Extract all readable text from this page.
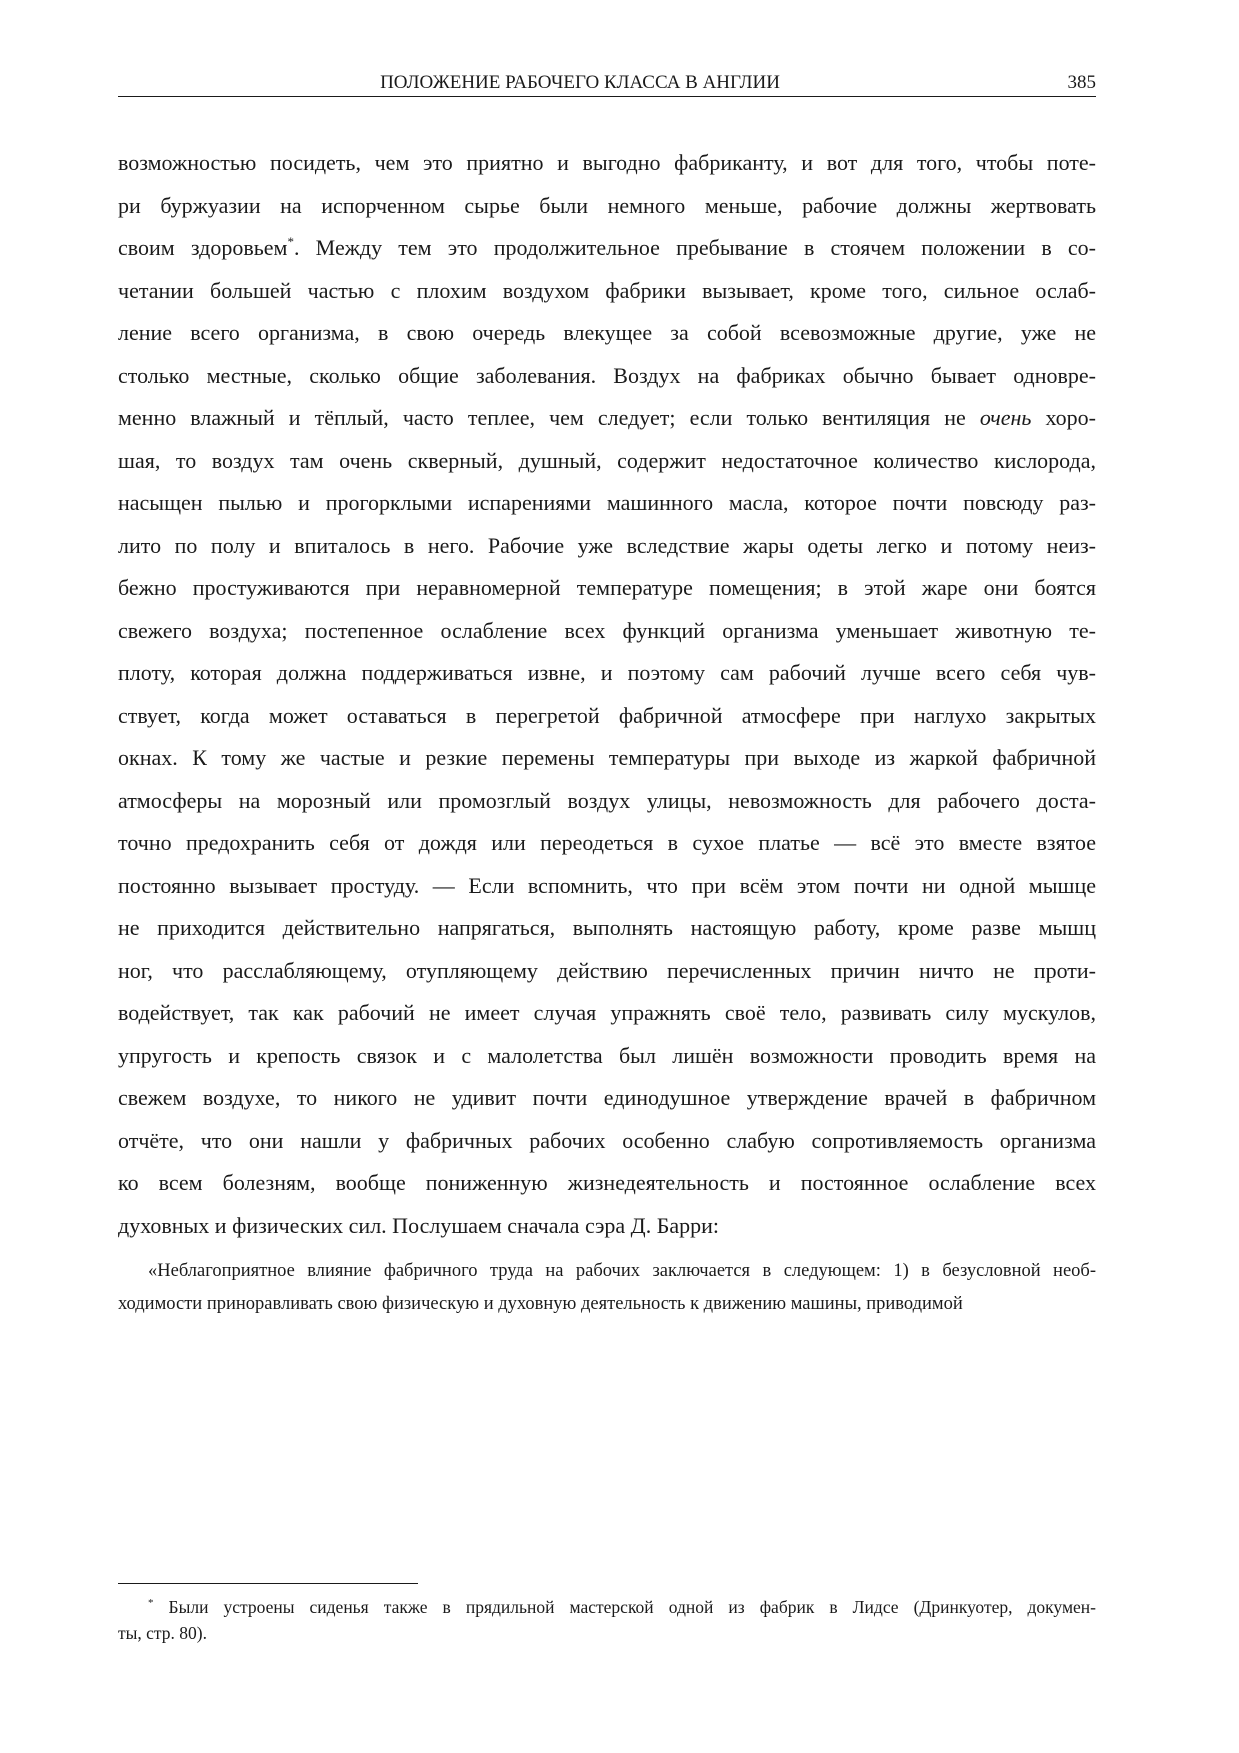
ПОЛОЖЕНИЕ РАБОЧЕГО КЛАССА В АНГЛИИ	385
возможностью посидеть, чем это приятно и выгодно фабриканту, и вот для того, чтобы поте-
ри буржуазии на испорченном сырье были немного меньше, рабочие должны жертвовать
своим здоровьем*. Между тем это продолжительное пребывание в стоячем положении в со-
четании большей частью с плохим воздухом фабрики вызывает, кроме того, сильное ослаб-
ление всего организма, в свою очередь влекущее за собой всевозможные другие, уже не
столько местные, сколько общие заболевания. Воздух на фабриках обычно бывает одновре-
менно влажный и тёплый, часто теплее, чем следует; если только вентиляция не очень хоро-
шая, то воздух там очень скверный, душный, содержит недостаточное количество кислорода,
насыщен пылью и прогорклыми испарениями машинного масла, которое почти повсюду раз-
лито по полу и впиталось в него. Рабочие уже вследствие жары одеты легко и потому неиз-
бежно простуживаются при неравномерной температуре помещения; в этой жаре они боятся
свежего воздуха; постепенное ослабление всех функций организма уменьшает животную те-
плоту, которая должна поддерживаться извне, и поэтому сам рабочий лучше всего себя чув-
ствует, когда может оставаться в перегретой фабричной атмосфере при наглухо закрытых
окнах. К тому же частые и резкие перемены температуры при выходе из жаркой фабричной
атмосферы на морозный или промозглый воздух улицы, невозможность для рабочего доста-
точно предохранить себя от дождя или переодеться в сухое платье — всё это вместе взятое
постоянно вызывает простуду. — Если вспомнить, что при всём этом почти ни одной мышце
не приходится действительно напрягаться, выполнять настоящую работу, кроме разве мышц
ног, что расслабляющему, отупляющему действию перечисленных причин ничто не проти-
водействует, так как рабочий не имеет случая упражнять своё тело, развивать силу мускулов,
упругость и крепость связок и с малолетства был лишён возможности проводить время на
свежем воздухе, то никого не удивит почти единодушное утверждение врачей в фабричном
отчёте, что они нашли у фабричных рабочих особенно слабую сопротивляемость организма
ко всем болезням, вообще пониженную жизнедеятельность и постоянное ослабление всех
духовных и физических сил. Послушаем сначала сэра Д. Барри:
«Неблагоприятное влияние фабричного труда на рабочих заключается в следующем: 1) в безусловной необ-
ходимости приноравливать свою физическую и духовную деятельность к движению машины, приводимой
* Были устроены сиденья также в прядильной мастерской одной из фабрик в Лидсе (Дринкуотер, докумен-
ты, стр. 80).
